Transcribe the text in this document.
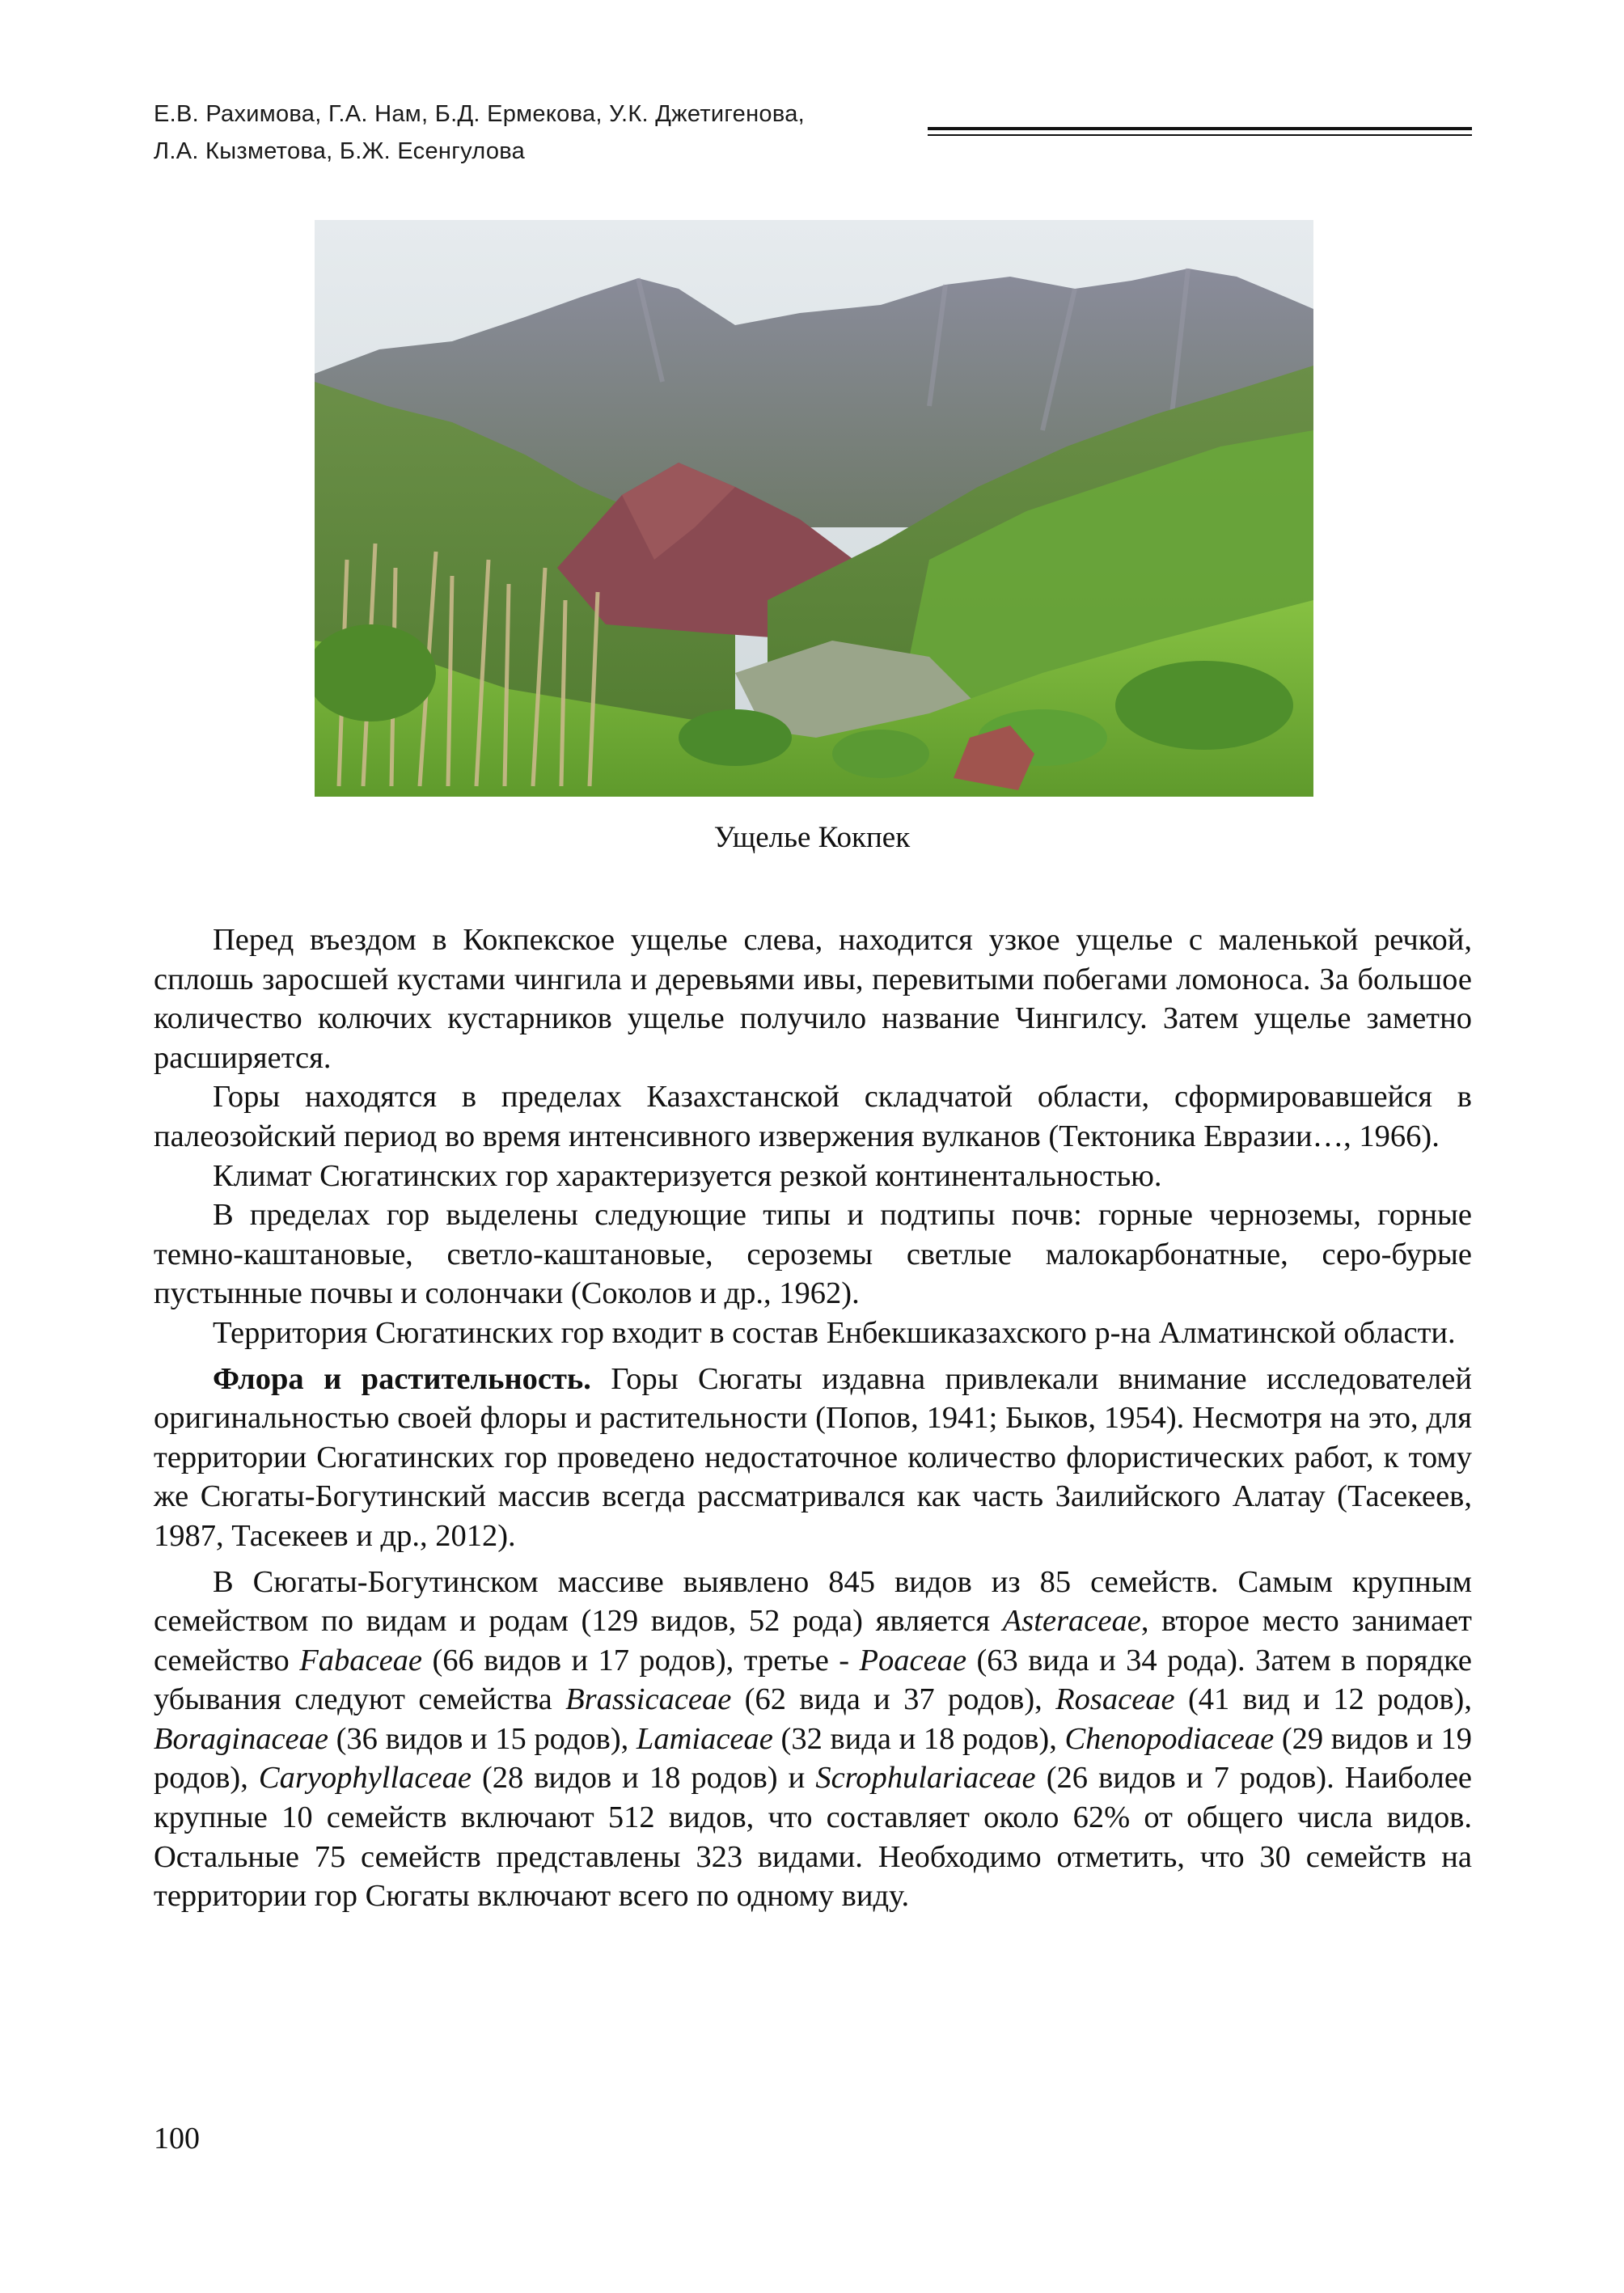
Е.В. Рахимова, Г.А. Нам, Б.Д. Ермекова, У.К. Джетигенова,
Л.А. Кызметова, Б.Ж. Есенгулова
Ущелье Кокпек

Перед въездом в Кокпекское ущелье слева, находится узкое ущелье с маленькой речкой, сплошь заросшей кустами чингила и деревьями ивы, перевитыми побегами ломоноса. За большое количество колючих кустарников ущелье получило название Чингилсу. Затем ущелье заметно расширяется.

Горы находятся в пределах Казахстанской складчатой области, сформировавшейся в палеозойский период во время интенсивного извержения вулканов (Тектоника Евразии…, 1966).

Климат Сюгатинских гор характеризуется резкой континентальностью.

В пределах гор выделены следующие типы и подтипы почв: горные черноземы, горные темно-каштановые, светло-каштановые, сероземы светлые малокарбонатные, серо-бурые пустынные почвы и солончаки (Соколов и др., 1962).

Территория Сюгатинских гор входит в состав Енбекшиказахского р-на Алматинской области.

Флора и растительность. Горы Сюгаты издавна привлекали внимание исследователей оригинальностью своей флоры и растительности (Попов, 1941; Быков, 1954). Несмотря на это, для территории Сюгатинских гор проведено недостаточное количество флористических работ, к тому же Сюгаты-Богутинский массив всегда рассматривался как часть Заилийского Алатау (Тасекеев, 1987, Тасекеев и др., 2012).

В Сюгаты-Богутинском массиве выявлено 845 видов из 85 семейств. Самым крупным семейством по видам и родам (129 видов, 52 рода) является Asteraceae, второе место занимает семейство Fabaceae (66 видов и 17 родов), третье - Poaceae (63 вида и 34 рода). Затем в порядке убывания следуют семейства Brassicaceae (62 вида и 37 родов), Rosaceae (41 вид и 12 родов), Boraginaceae (36 видов и 15 родов), Lamiaceae (32 вида и 18 родов), Chenopodiaceae (29 видов и 19 родов), Caryophyllaceae (28 видов и 18 родов) и Scrophulariaceae (26 видов и 7 родов). Наиболее крупные 10 семейств включают 512 видов, что составляет около 62% от общего числа видов. Остальные 75 семейств представлены 323 видами. Необходимо отметить, что 30 семейств на территории гор Сюгаты включают всего по одному виду.

100
